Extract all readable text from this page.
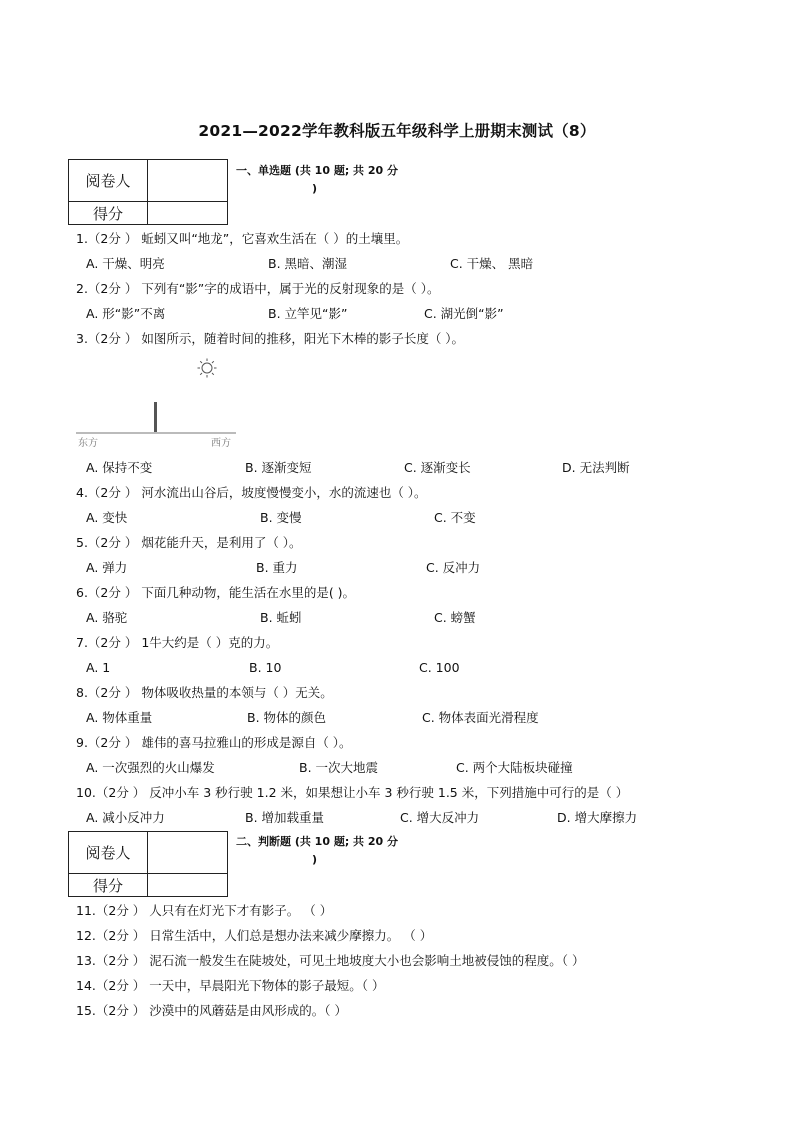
2021—2022学年教科版五年级科学上册期末测试（8）
阅卷人	
得分	
一、单选题 (共 10 题; 共 20 分
)
1.（2分 ） 蚯蚓又叫“地龙”，它喜欢生活在（ ）的土壤里。
A. 干燥、明亮	B. 黑暗、潮湿	C. 干燥、 黑暗
2.（2分 ） 下列有“影”字的成语中，属于光的反射现象的是（ ）。
A. 形“影”不离	B. 立竿见“影”	C. 湖光倒“影”
3.（2分 ） 如图所示，随着时间的推移，阳光下木棒的影子长度（ ）。
东方	西方
A. 保持不变	B. 逐渐变短	C. 逐渐变长	D. 无法判断
4.（2分 ） 河水流出山谷后，坡度慢慢变小，水的流速也（ ）。
A. 变快	B. 变慢	C. 不变
5.（2分 ） 烟花能升天，是利用了（ ）。
A. 弹力	B. 重力	C. 反冲力
6.（2分 ） 下面几种动物，能生活在水里的是( )。
A. 骆驼	B. 蚯蚓	C. 螃蟹
7.（2分 ） 1牛大约是（ ）克的力。
A. 1	B. 10	C. 100
8.（2分 ） 物体吸收热量的本领与（ ）无关。
A. 物体重量	B. 物体的颜色	C. 物体表面光滑程度
9.（2分 ） 雄伟的喜马拉雅山的形成是源自（ ）。
A. 一次强烈的火山爆发	B. 一次大地震	C. 两个大陆板块碰撞
10.（2分 ） 反冲小车 3 秒行驶 1.2 米，如果想让小车 3 秒行驶 1.5 米，下列措施中可行的是（ ）
A. 减小反冲力	B. 增加载重量	C. 增大反冲力	D. 增大摩擦力
阅卷人	
得分	
二、判断题 (共 10 题; 共 20 分
)
11.（2分 ） 人只有在灯光下才有影子。 （ ）
12.（2分 ） 日常生活中，人们总是想办法来减少摩擦力。 （ ）
13.（2分 ） 泥石流一般发生在陡坡处，可见土地坡度大小也会影响土地被侵蚀的程度。（ ）
14.（2分 ） 一天中，早晨阳光下物体的影子最短。（ ）
15.（2分 ） 沙漠中的风蘑菇是由风形成的。（ ）
